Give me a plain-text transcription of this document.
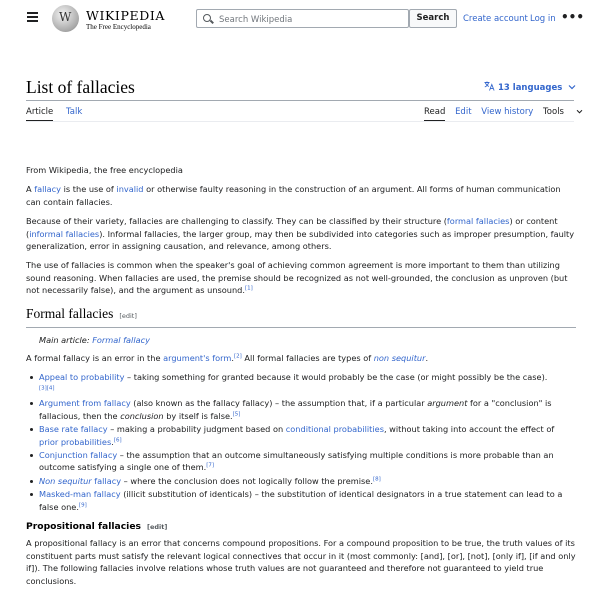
W WIKIPEDIA
The Free Encyclopedia
Search Wikipedia
Search	Create account Log in •••
List of fallacies	13 languages
Article Talk	Read Edit View history Tools

From Wikipedia, the free encyclopedia

A fallacy is the use of invalid or otherwise faulty reasoning in the construction of an argument. All forms of human communication can contain fallacies.

Because of their variety, fallacies are challenging to classify. They can be classified by their structure (formal fallacies) or content (informal fallacies). Informal fallacies, the larger group, may then be subdivided into categories such as improper presumption, faulty generalization, error in assigning causation, and relevance, among others.

The use of fallacies is common when the speaker's goal of achieving common agreement is more important to them than utilizing sound reasoning. When fallacies are used, the premise should be recognized as not well-grounded, the conclusion as unproven (but not necessarily false), and the argument as unsound.[1]

Formal fallacies [edit]
Main article: Formal fallacy

A formal fallacy is an error in the argument's form.[2] All formal fallacies are types of non sequitur.

Appeal to probability – taking something for granted because it would probably be the case (or might possibly be the case).
[3][4]
Argument from fallacy (also known as the fallacy fallacy) – the assumption that, if a particular argument for a "conclusion" is fallacious, then the conclusion by itself is false.[5]
Base rate fallacy – making a probability judgment based on conditional probabilities, without taking into account the effect of prior probabilities.[6]
Conjunction fallacy – the assumption that an outcome simultaneously satisfying multiple conditions is more probable than an outcome satisfying a single one of them.[7]
Non sequitur fallacy – where the conclusion does not logically follow the premise.[8]
Masked-man fallacy (illicit substitution of identicals) – the substitution of identical designators in a true statement can lead to a false one.[9]
Propositional fallacies [edit]

A propositional fallacy is an error that concerns compound propositions. For a compound proposition to be true, the truth values of its constituent parts must satisfy the relevant logical connectives that occur in it (most commonly: [and], [or], [not], [only if], [if and only if]). The following fallacies involve relations whose truth values are not guaranteed and therefore not guaranteed to yield true conclusions.
